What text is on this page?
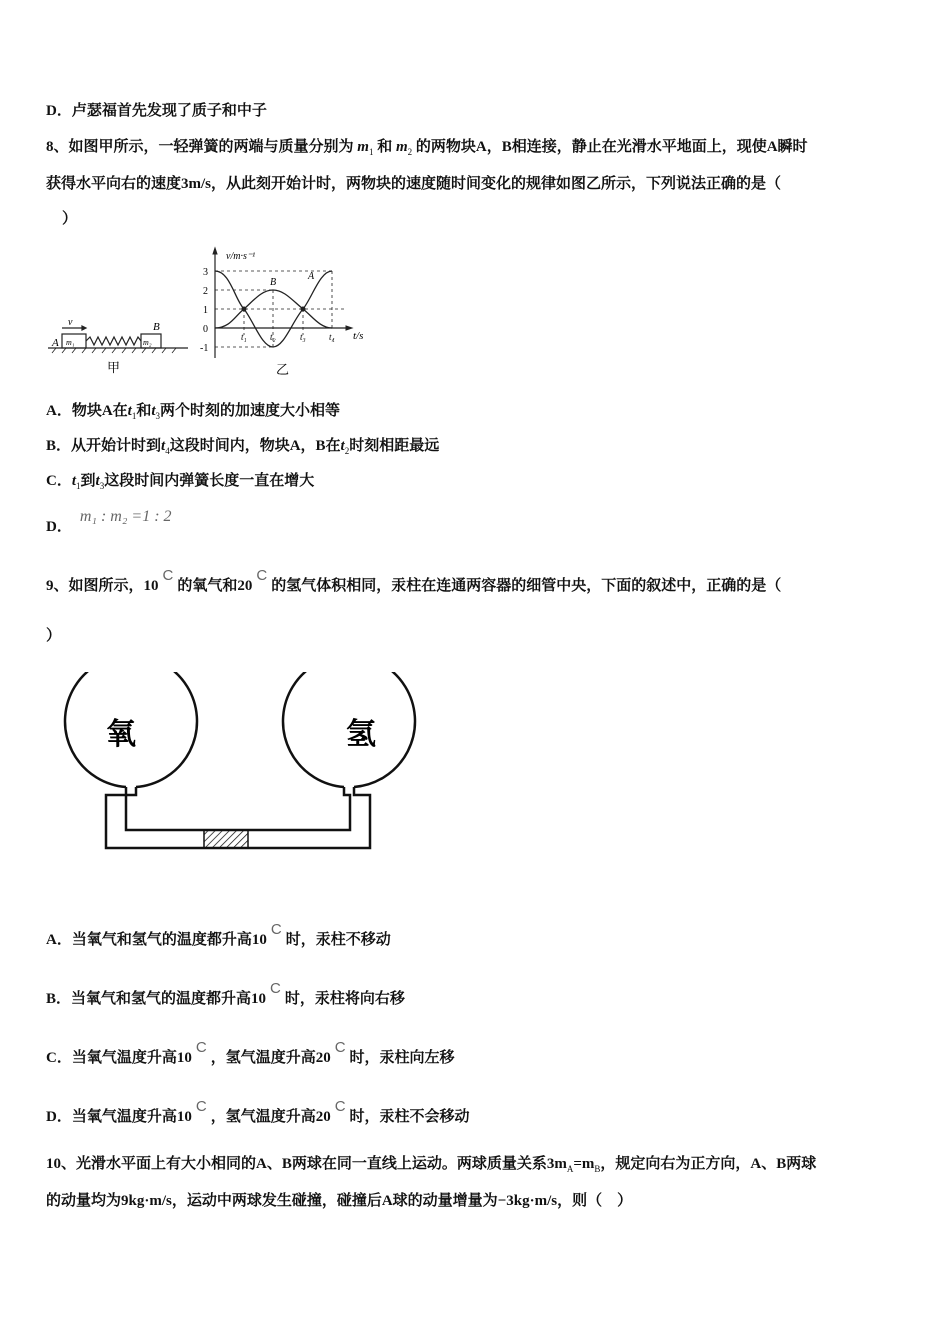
D．卢瑟福首先发现了质子和中子
8、如图甲所示，一轻弹簧的两端与质量分别为 $m_1$ 和 $m_2$ 的两物块A，B相连接，静止在光滑水平地面上，现使A瞬时
获得水平向右的速度3m/s，从此刻开始计时，两物块的速度随时间变化的规律如图乙所示，下列说法正确的是（
）
v
A
B
m₁	m₂
甲
v/m·s⁻¹
t/s
3
2
1
0
-1
t₁	t₂	t₃	t₄
A
B
乙
A．物块A在$t_1$和$t_3$两个时刻的加速度大小相等
B．从开始计时到$t_4$这段时间内，物块A，B在$t_2$时刻相距最远
C．$t_1$到$t_3$这段时间内弹簧长度一直在增大
D．m₁ : m₂ =1 : 2
9、如图所示，10C的氧气和20C的氢气体积相同，汞柱在连通两容器的细管中央，下面的叙述中，正确的是（
）
氧	氢
A．当氧气和氢气的温度都升高10C时，汞柱不移动
B．当氧气和氢气的温度都升高10C时，汞柱将向右移
C．当氧气温度升高10C，氢气温度升高20C时，汞柱向左移
D．当氧气温度升高10C，氢气温度升高20C时，汞柱不会移动
10、光滑水平面上有大小相同的A、B两球在同一直线上运动。两球质量关系$3m_A=m_B$，规定向右为正方向，A、B两球
的动量均为9kg·m/s，运动中两球发生碰撞，碰撞后A球的动量增量为−3kg·m/s，则（　）
